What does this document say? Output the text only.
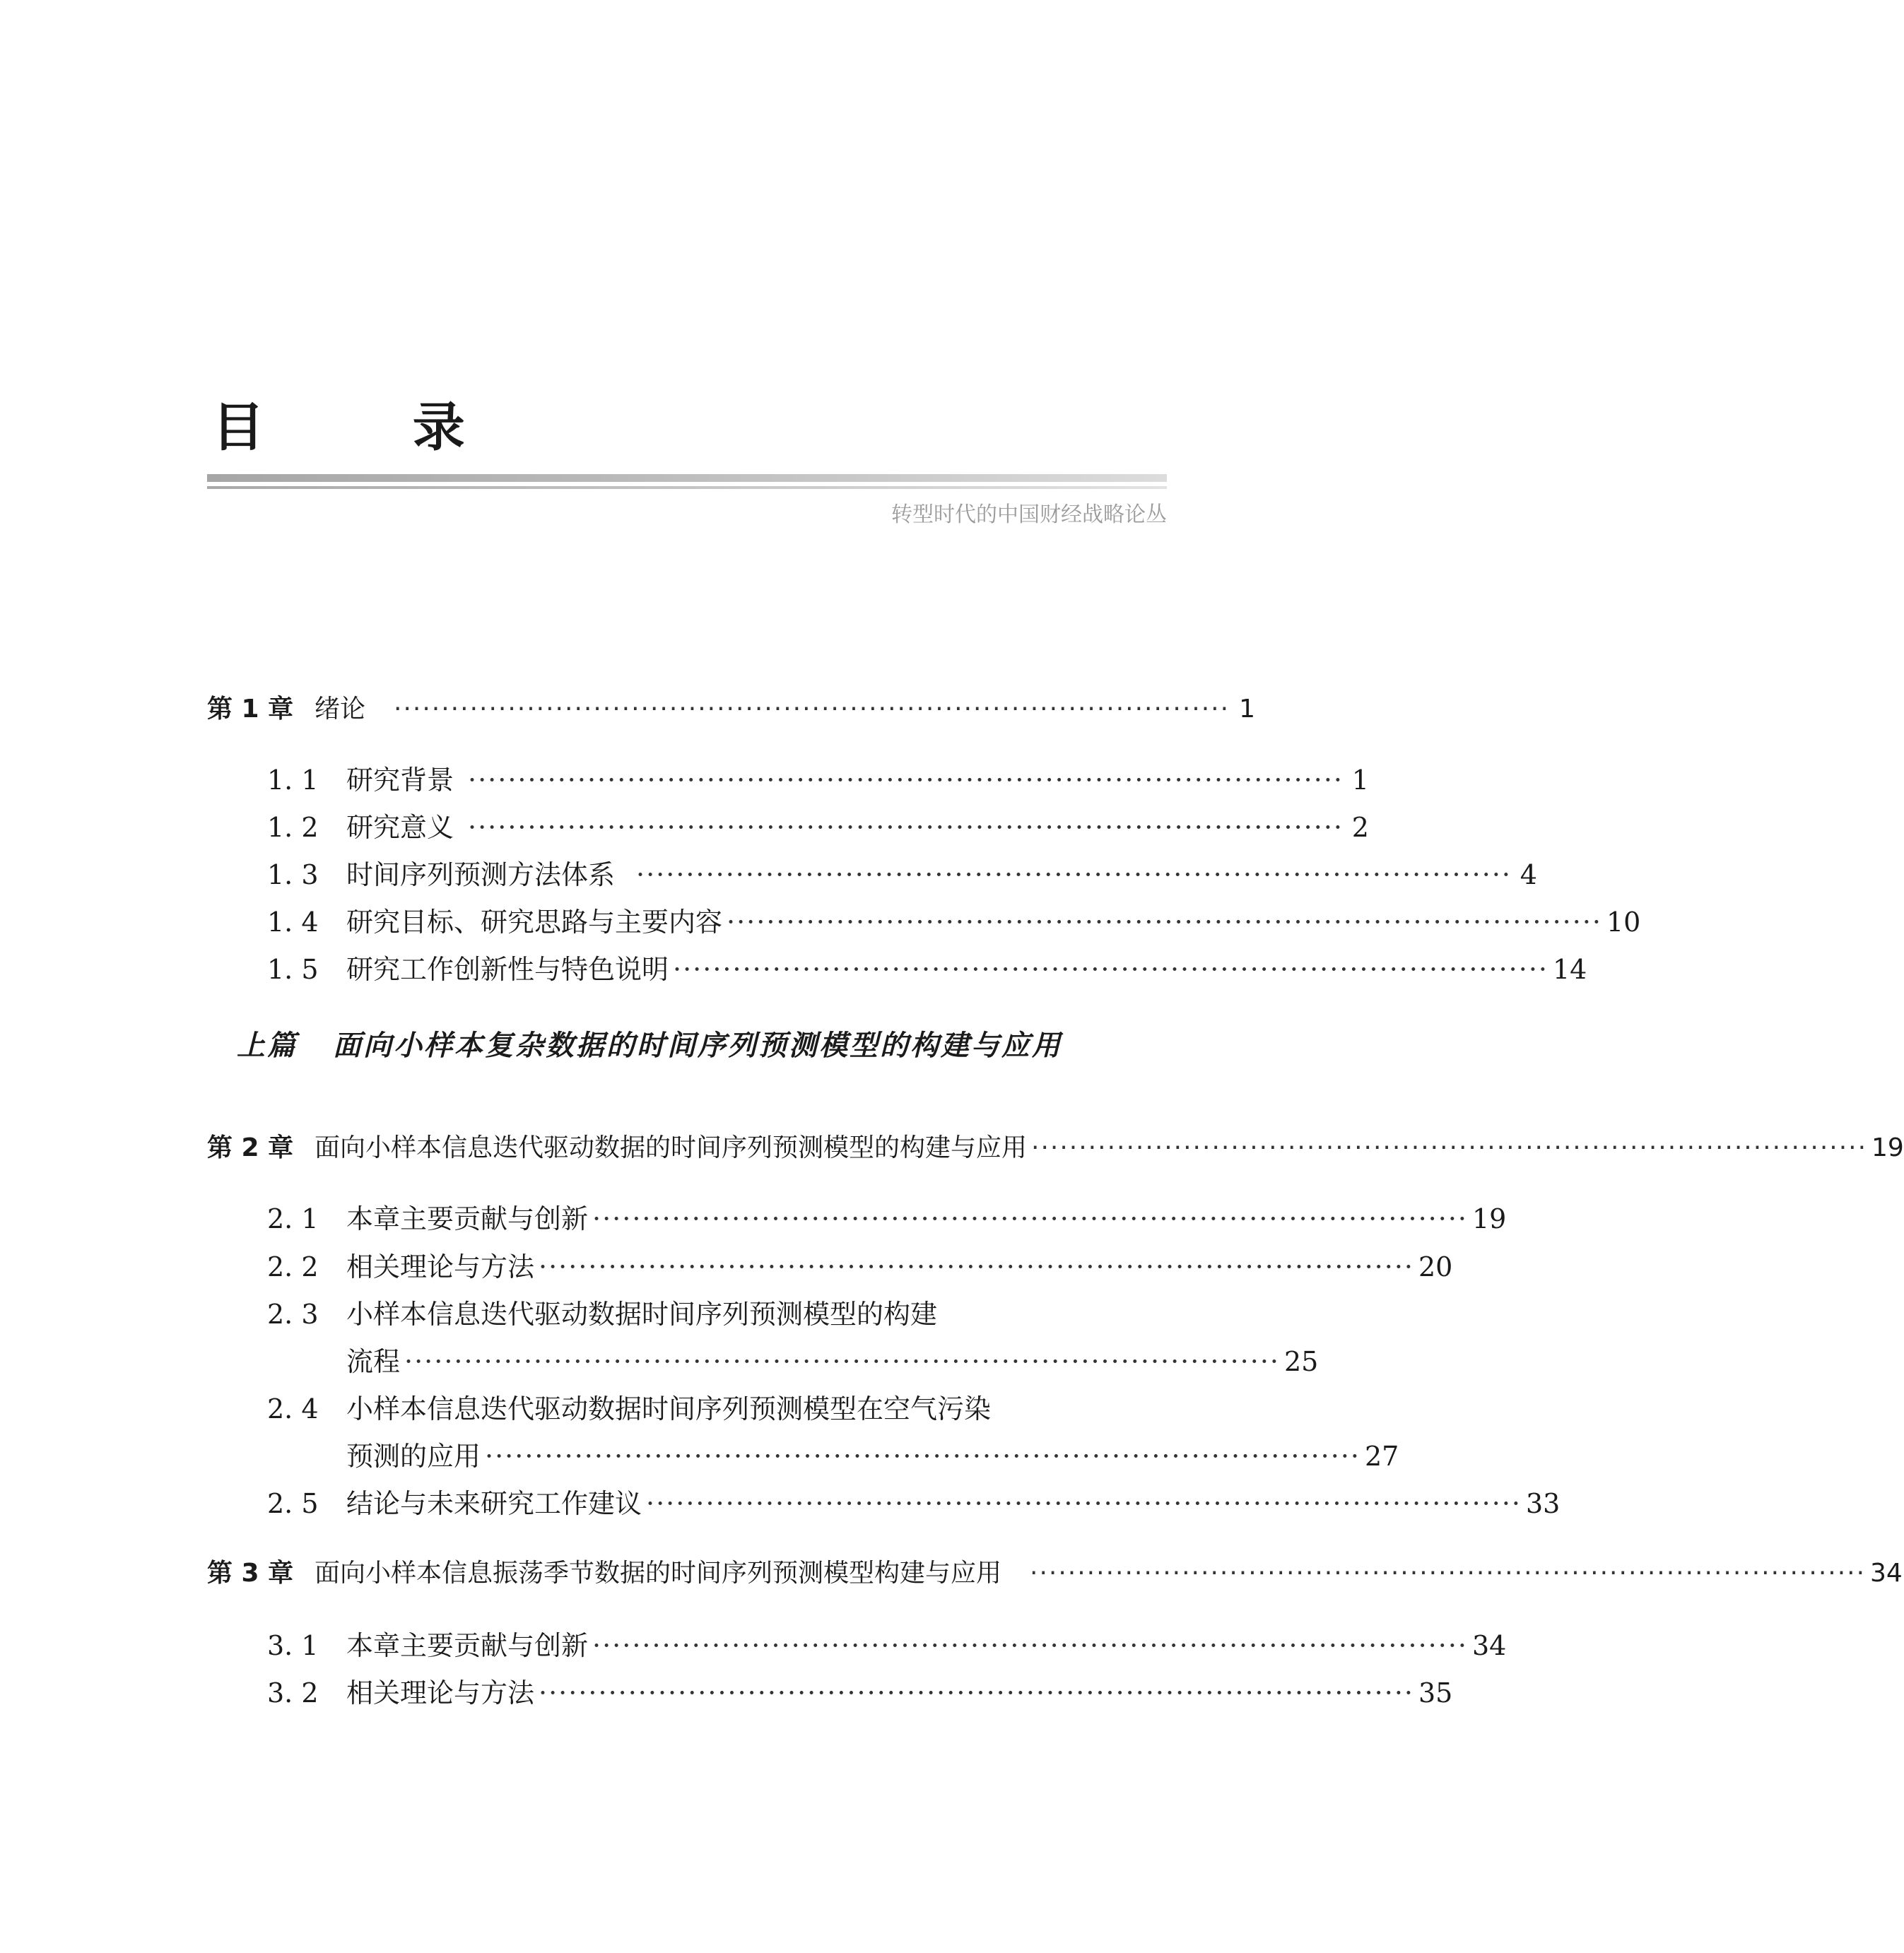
目 录
转型时代的中国财经战略论丛
第 1 章 绪论 ························································································ 1
1. 1	研究背景 ························································································ 1
1. 2	研究意义 ························································································ 2
1. 3	时间序列预测方法体系 ························································································ 4
1. 4	研究目标、研究思路与主要内容 ························································································ 10
1. 5	研究工作创新性与特色说明 ························································································ 14
上篇 面向小样本复杂数据的时间序列预测模型的构建与应用
第 2 章 面向小样本信息迭代驱动数据的时间序列预测模型的构建与应用 ························································································ 19
2. 1	本章主要贡献与创新 ························································································ 19
2. 2	相关理论与方法 ························································································ 20
2. 3	小样本信息迭代驱动数据时间序列预测模型的构建
流程 ························································································ 25
2. 4	小样本信息迭代驱动数据时间序列预测模型在空气污染
预测的应用 ························································································ 27
2. 5	结论与未来研究工作建议 ························································································ 33
第 3 章 面向小样本信息振荡季节数据的时间序列预测模型构建与应用 ························································································ 34
3. 1	本章主要贡献与创新 ························································································ 34
3. 2	相关理论与方法 ························································································ 35
